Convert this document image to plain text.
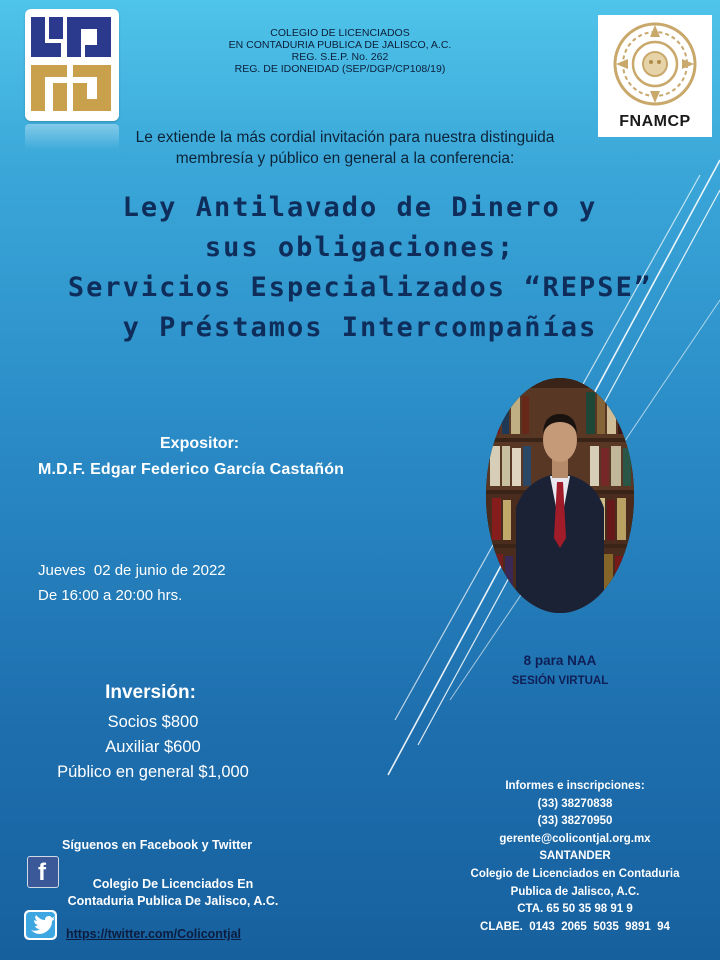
COLEGIO DE LICENCIADOS
EN CONTADURIA PUBLICA DE JALISCO, A.C.
REG. S.E.P. No. 262
REG. DE IDONEIDAD (SEP/DGP/CP108/19)
FNAMCP
Le extiende la más cordial invitación para nuestra distinguida
membresía y público en general a la conferencia:
Ley Antilavado de Dinero y
sus obligaciones;
Servicios Especializados “REPSE”
y Préstamos Intercompañías
Expositor:
M.D.F. Edgar Federico García Castañón
Jueves  02 de junio de 2022
De 16:00 a 20:00 hrs.
8 para NAA
SESIÓN VIRTUAL
Inversión:
Socios $800
Auxiliar $600
Público en general $1,000
Síguenos en Facebook y Twitter
f	Colegio De Licenciados En
Contaduria Publica De Jalisco, A.C.
https://twitter.com/Colicontjal
Informes e inscripciones:
(33) 38270838
(33) 38270950
gerente@colicontjal.org.mx
SANTANDER
Colegio de Licenciados en Contaduria
Publica de Jalisco, A.C.
CTA. 65 50 35 98 91 9
CLABE.  0143  2065  5035  9891  94
